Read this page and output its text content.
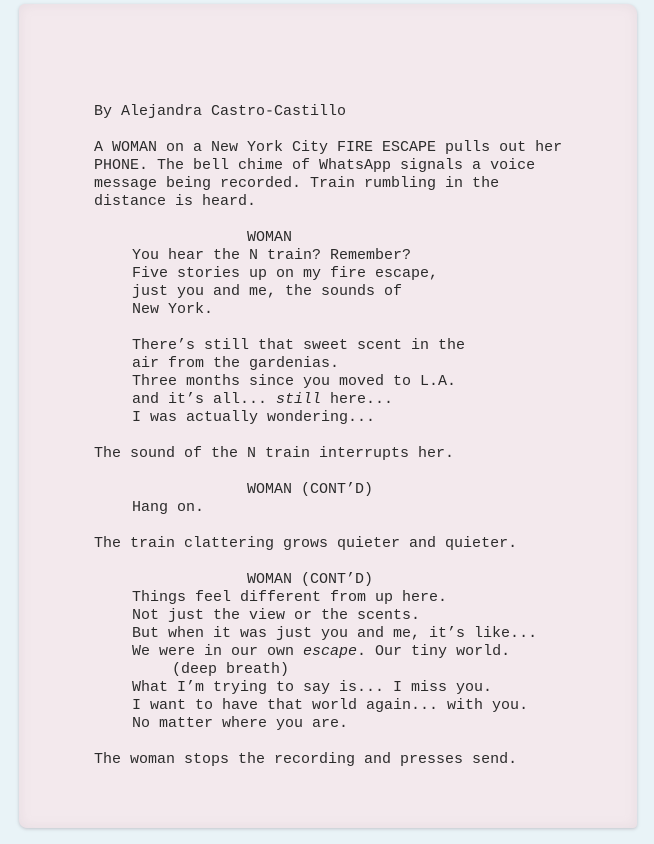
By Alejandra Castro-Castillo
A WOMAN on a New York City FIRE ESCAPE pulls out her
PHONE. The bell chime of WhatsApp signals a voice
message being recorded. Train rumbling in the
distance is heard.
WOMAN
You hear the N train? Remember?
Five stories up on my fire escape,
just you and me, the sounds of
New York.
There’s still that sweet scent in the
air from the gardenias.
Three months since you moved to L.A.
and it’s all... still here...
I was actually wondering...
The sound of the N train interrupts her.
WOMAN (CONT’D)
Hang on.
The train clattering grows quieter and quieter.
WOMAN (CONT’D)
Things feel different from up here.
Not just the view or the scents.
But when it was just you and me, it’s like...
We were in our own escape. Our tiny world.
(deep breath)
What I’m trying to say is... I miss you.
I want to have that world again... with you.
No matter where you are.
The woman stops the recording and presses send.
